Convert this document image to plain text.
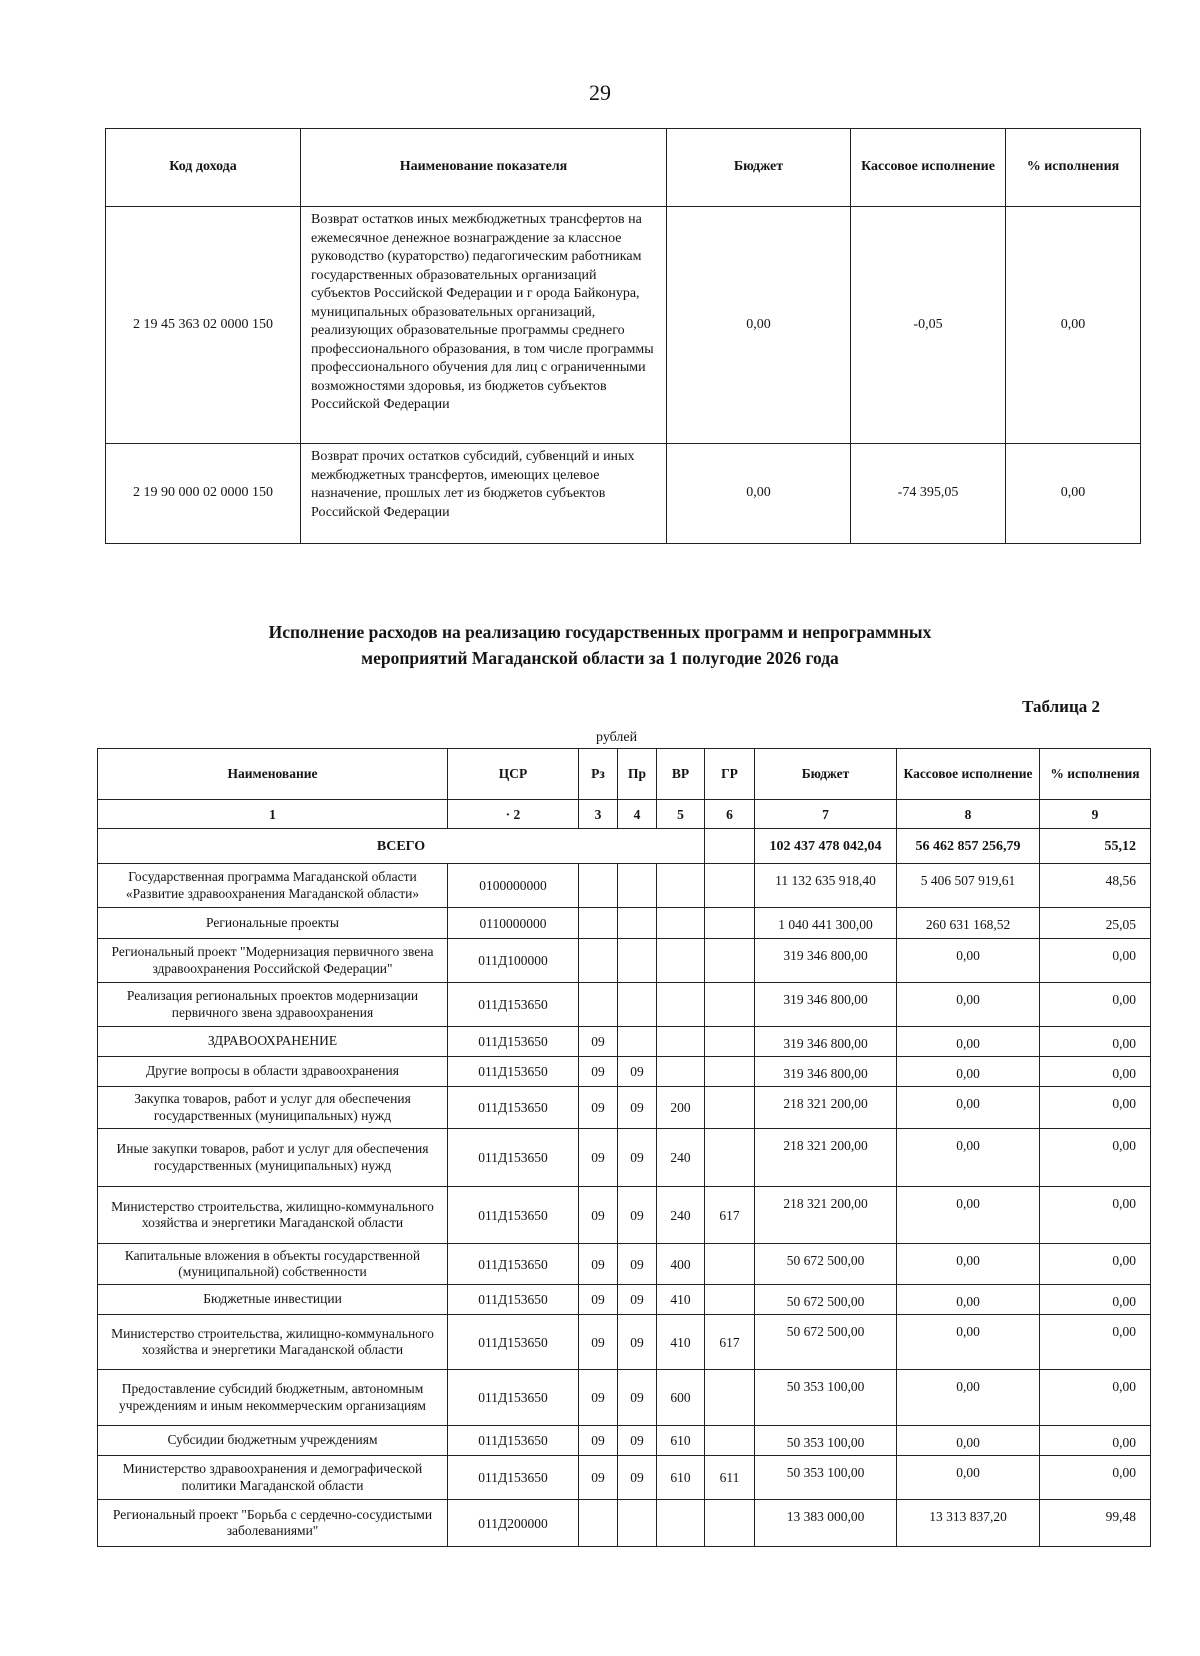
29
Код дохода	Наименование показателя	Бюджет	Кассовое исполнение	% исполнения
2 19 45 363 02 0000 150	Возврат остатков иных межбюджетных трансфертов на ежемесячное денежное вознаграждение за классное руководство (кураторство) педагогическим работникам государственных образовательных организаций субъектов Российской Федерации и г орода Байконура, муниципальных образовательных организаций, реализующих образовательные программы среднего профессионального образования, в том числе программы профессионального обучения для лиц с ограниченными возможностями здоровья, из бюджетов субъектов Российской Федерации	0,00	-0,05	0,00
2 19 90 000 02 0000 150	Возврат прочих остатков субсидий, субвенций и иных межбюджетных трансфертов, имеющих целевое назначение, прошлых лет из бюджетов субъектов Российской Федерации	0,00	-74 395,05	0,00
Исполнение расходов на реализацию государственных программ и непрограммных
мероприятий Магаданской области за 1 полугодие 2026 года
Таблица 2
рублей
Наименование	ЦСР	Рз	Пр	ВР	ГР	Бюджет	Кассовое исполнение	% исполнения
1	· 2	3	4	5	6	7	8	9
ВСЕГО						102 437 478 042,04	56 462 857 256,79	55,12
Государственная программа Магаданской области «Развитие здравоохранения Магаданской области»	0100000000					11 132 635 918,40	5 406 507 919,61	48,56
Региональные проекты	0110000000					1 040 441 300,00	260 631 168,52	25,05
Региональный проект "Модернизация первичного звена здравоохранения Российской Федерации"	011Д100000					319 346 800,00	0,00	0,00
Реализация региональных проектов модернизации первичного звена здравоохранения	011Д153650					319 346 800,00	0,00	0,00
ЗДРАВООХРАНЕНИЕ	011Д153650	09				319 346 800,00	0,00	0,00
Другие вопросы в области здравоохранения	011Д153650	09	09			319 346 800,00	0,00	0,00
Закупка товаров, работ и услуг для обеспечения государственных (муниципальных) нужд	011Д153650	09	09	200		218 321 200,00	0,00	0,00
Иные закупки товаров, работ и услуг для обеспечения государственных (муниципальных) нужд	011Д153650	09	09	240		218 321 200,00	0,00	0,00
Министерство строительства, жилищно-коммунального хозяйства и энергетики Магаданской области	011Д153650	09	09	240	617	218 321 200,00	0,00	0,00
Капитальные вложения в объекты государственной (муниципальной) собственности	011Д153650	09	09	400		50 672 500,00	0,00	0,00
Бюджетные инвестиции	011Д153650	09	09	410		50 672 500,00	0,00	0,00
Министерство строительства, жилищно-коммунального хозяйства и энергетики Магаданской области	011Д153650	09	09	410	617	50 672 500,00	0,00	0,00
Предоставление субсидий бюджетным, автономным учреждениям и иным некоммерческим организациям	011Д153650	09	09	600		50 353 100,00	0,00	0,00
Субсидии бюджетным учреждениям	011Д153650	09	09	610		50 353 100,00	0,00	0,00
Министерство здравоохранения и демографической политики Магаданской области	011Д153650	09	09	610	611	50 353 100,00	0,00	0,00
Региональный проект "Борьба с сердечно-сосудистыми заболеваниями"	011Д200000					13 383 000,00	13 313 837,20	99,48
